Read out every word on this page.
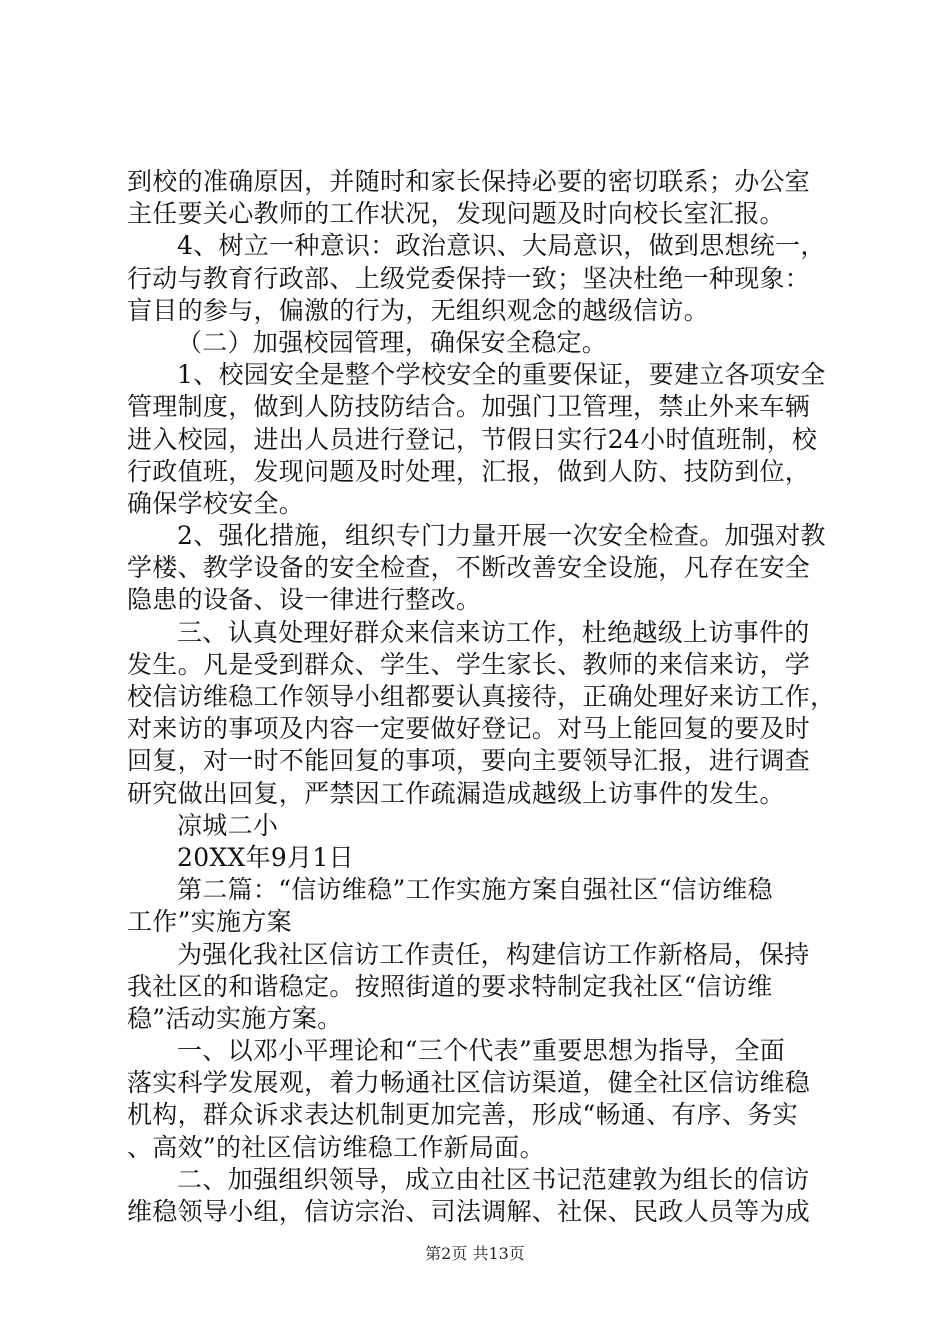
到校的准确原因，并随时和家长保持必要的密切联系；办公室
主任要关心教师的工作状况，发现问题及时向校长室汇报。
4、树立一种意识：政治意识、大局意识，做到思想统一，
行动与教育行政部、上级党委保持一致；坚决杜绝一种现象：
盲目的参与，偏激的行为，无组织观念的越级信访。
（二）加强校园管理，确保安全稳定。
1、校园安全是整个学校安全的重要保证，要建立各项安全
管理制度，做到人防技防结合。加强门卫管理，禁止外来车辆
进入校园，进出人员进行登记，节假日实行24小时值班制，校
行政值班，发现问题及时处理，汇报，做到人防、技防到位，
确保学校安全。
2、强化措施，组织专门力量开展一次安全检查。加强对教
学楼、教学设备的安全检查，不断改善安全设施，凡存在安全
隐患的设备、设一律进行整改。
三、认真处理好群众来信来访工作，杜绝越级上访事件的
发生。凡是受到群众、学生、学生家长、教师的来信来访，学
校信访维稳工作领导小组都要认真接待，正确处理好来访工作，
对来访的事项及内容一定要做好登记。对马上能回复的要及时
回复，对一时不能回复的事项，要向主要领导汇报，进行调查
研究做出回复，严禁因工作疏漏造成越级上访事件的发生。
凉城二小
20XX年9月1日
第二篇：“信访维稳”工作实施方案自强社区“信访维稳
工作”实施方案
为强化我社区信访工作责任，构建信访工作新格局，保持
我社区的和谐稳定。按照街道的要求特制定我社区“信访维
稳”活动实施方案。
一、以邓小平理论和“三个代表”重要思想为指导，全面
落实科学发展观，着力畅通社区信访渠道，健全社区信访维稳
机构，群众诉求表达机制更加完善，形成“畅通、有序、务实
、高效”的社区信访维稳工作新局面。
二、加强组织领导，成立由社区书记范建敦为组长的信访
维稳领导小组，信访宗治、司法调解、社保、民政人员等为成
第2页 共13页
